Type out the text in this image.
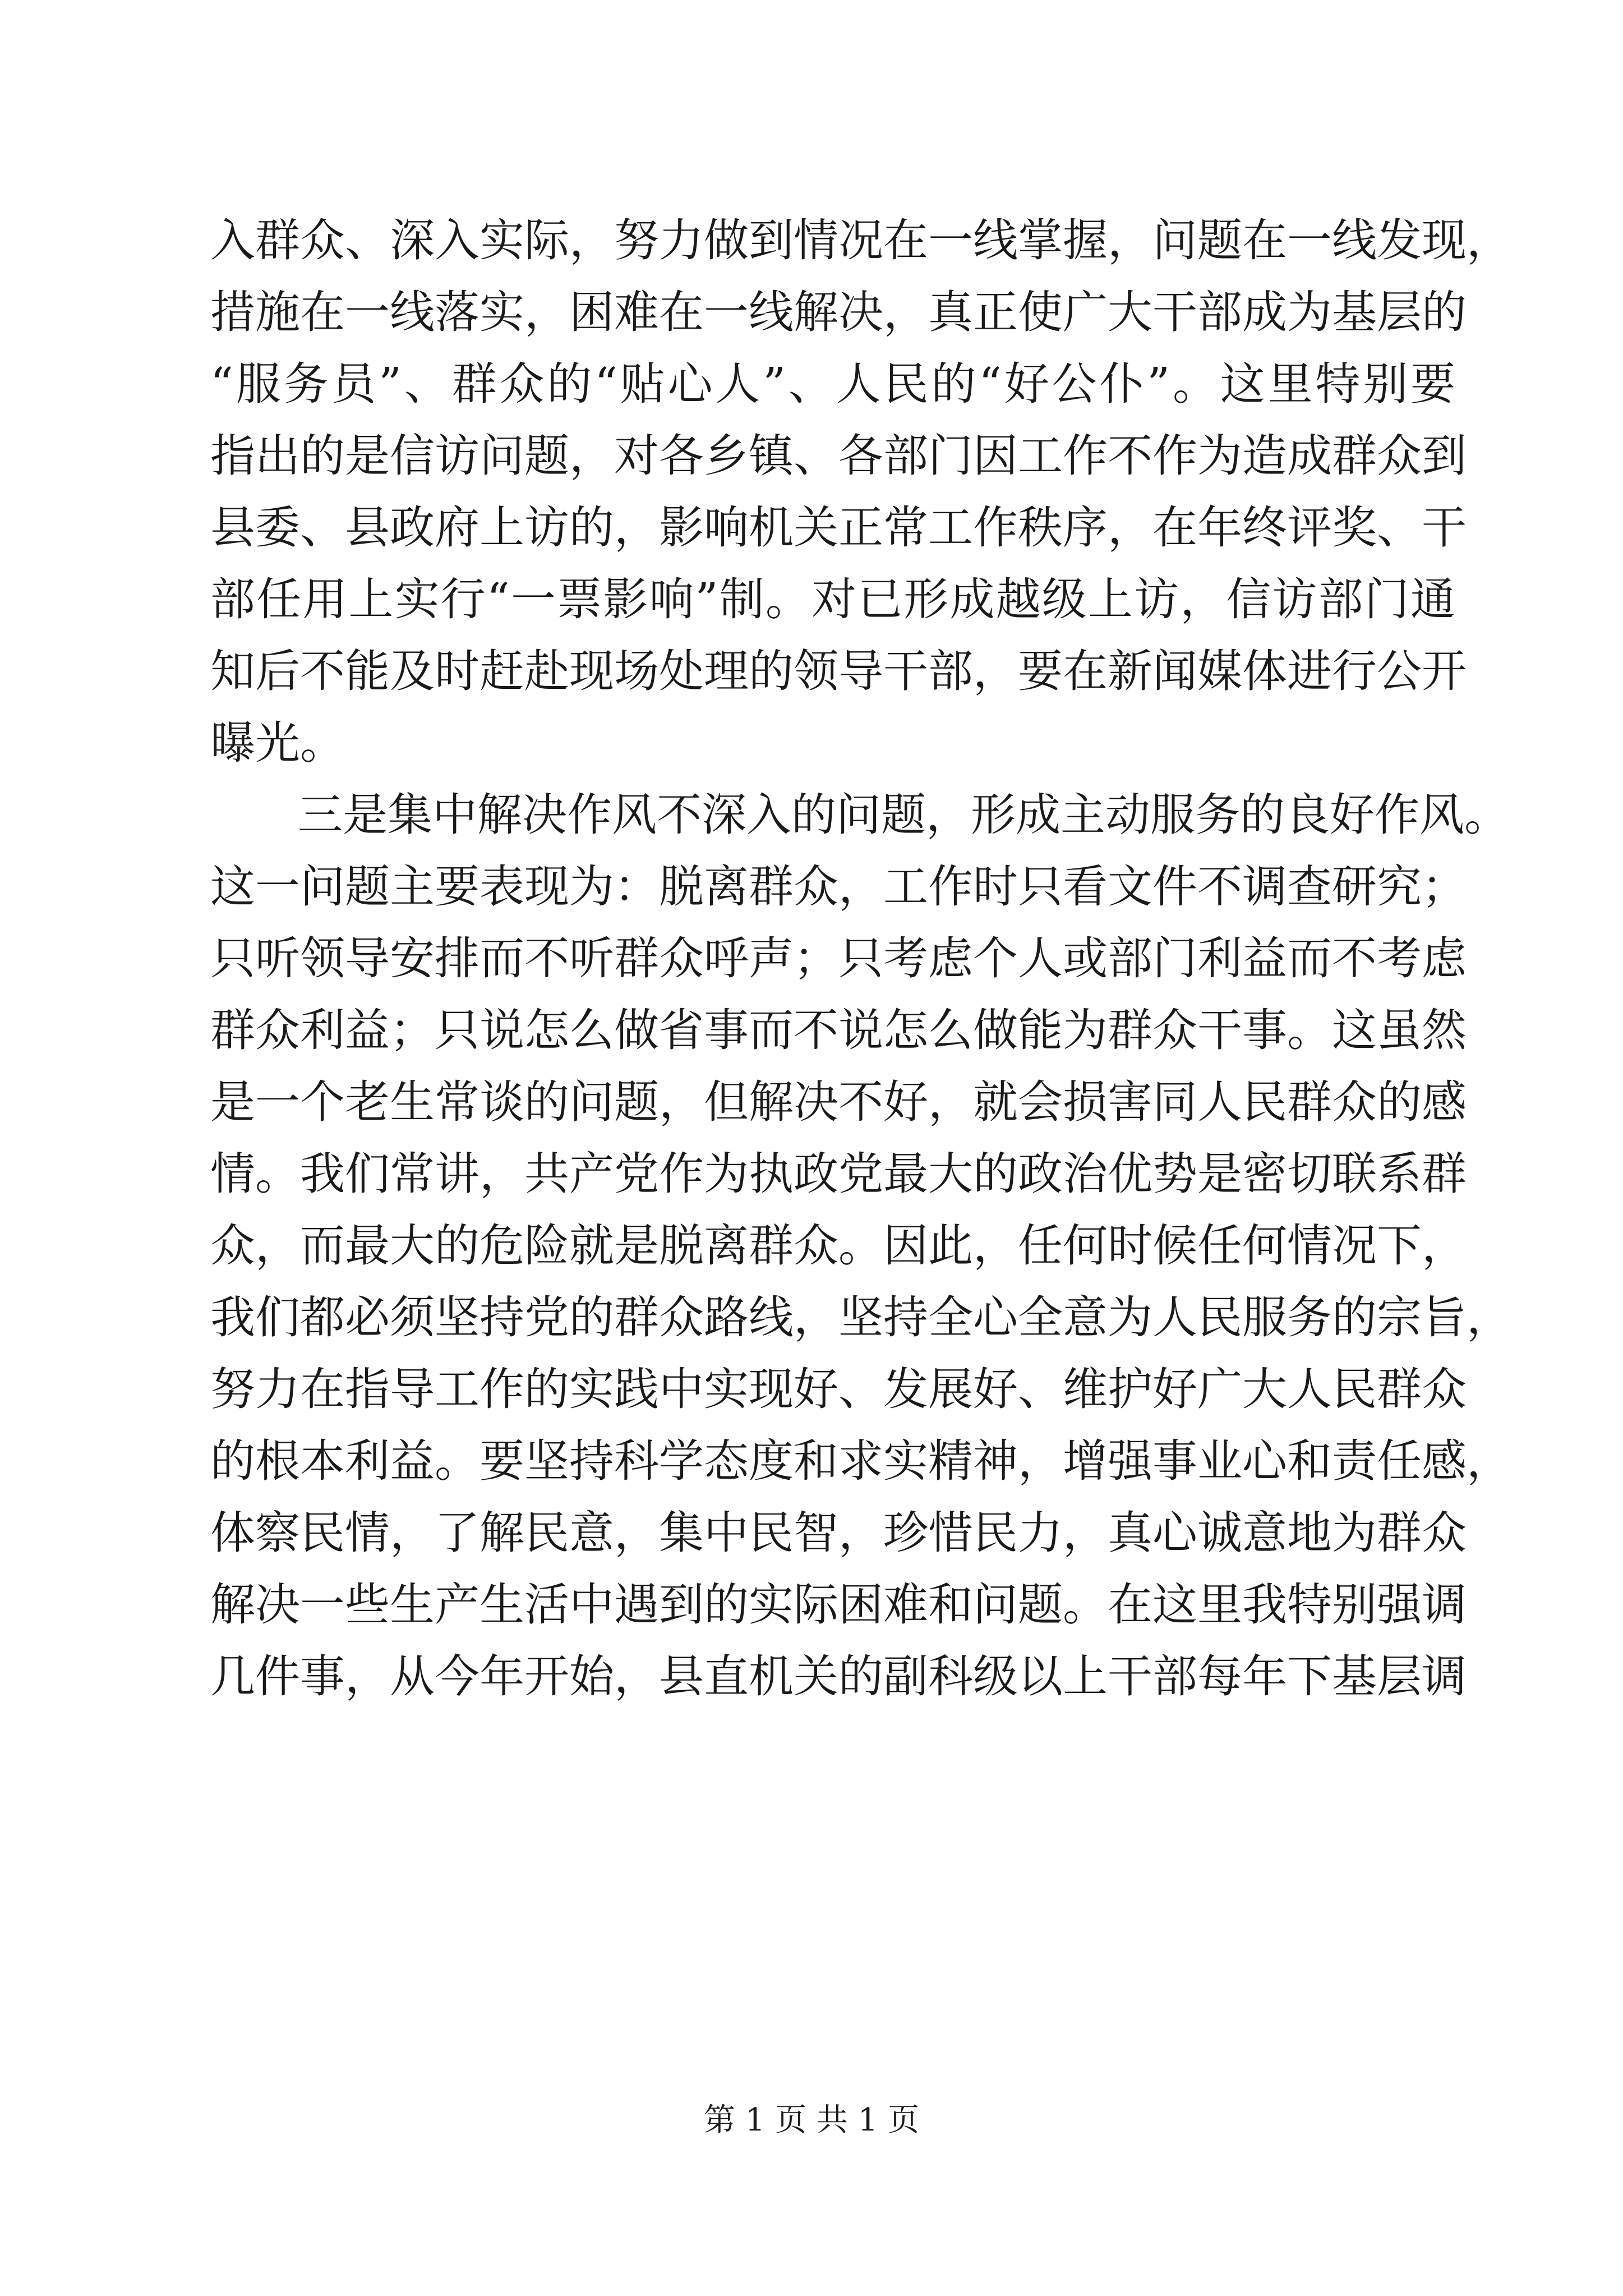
入群众、深入实际，努力做到情况在一线掌握，问题在一线发现，
措施在一线落实，困难在一线解决，真正使广大干部成为基层的
“服务员”、群众的“贴心人”、人民的“好公仆”。这里特别要
指出的是信访问题，对各乡镇、各部门因工作不作为造成群众到
县委、县政府上访的，影响机关正常工作秩序，在年终评奖、干
部任用上实行“一票影响”制。对已形成越级上访，信访部门通
知后不能及时赶赴现场处理的领导干部，要在新闻媒体进行公开
曝光。
三是集中解决作风不深入的问题，形成主动服务的良好作风。
这一问题主要表现为：脱离群众，工作时只看文件不调查研究；
只听领导安排而不听群众呼声；只考虑个人或部门利益而不考虑
群众利益；只说怎么做省事而不说怎么做能为群众干事。这虽然
是一个老生常谈的问题，但解决不好，就会损害同人民群众的感
情。我们常讲，共产党作为执政党最大的政治优势是密切联系群
众，而最大的危险就是脱离群众。因此，任何时候任何情况下，
我们都必须坚持党的群众路线，坚持全心全意为人民服务的宗旨，
努力在指导工作的实践中实现好、发展好、维护好广大人民群众
的根本利益。要坚持科学态度和求实精神，增强事业心和责任感，
体察民情，了解民意，集中民智，珍惜民力，真心诚意地为群众
解决一些生产生活中遇到的实际困难和问题。在这里我特别强调
几件事，从今年开始，县直机关的副科级以上干部每年下基层调
第 1 页 共 1 页
